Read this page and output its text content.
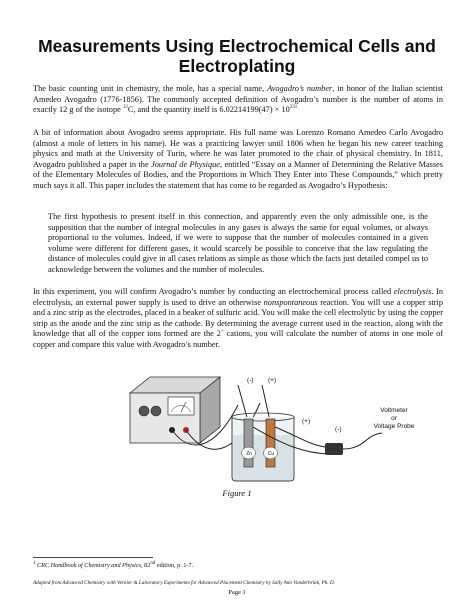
Measurements Using Electrochemical Cells and Electroplating

The basic counting unit in chemistry, the mole, has a special name, Avogadro’s number, in honor of the Italian scientist Amedeo Avogadro (1776-1856). The commonly accepted definition of Avogadro’s number is the number of atoms in exactly 12 g of the isotope $^{12}$C, and the quantity itself is $6.02214199(47) \times 10^{231}$

A bit of information about Avogadro seems appropriate. His full name was Lorenzo Romano Amedeo Carlo Avogadro (almost a mole of letters in his name). He was a practicing lawyer until 1806 when he began his new career teaching physics and math at the University of Turin, where he was later promoted to the chair of physical chemistry. In 1811, Avogadro published a paper in the Journal de Physique, entitled “Essay on a Manner of Determining the Relative Masses of the Elementary Molecules of Bodies, and the Proportions in Which They Enter into These Compounds,” which pretty much says it all. This paper includes the statement that has come to be regarded as Avogadro’s Hypothesis:

The first hypothesis to present itself in this connection, and apparently even the only admissible one, is the supposition that the number of integral molecules in any gases is always the same for equal volumes, or always proportional to the volumes. Indeed, if we were to suppose that the number of molecules contained in a given volume were different for different gases, it would scarcely be possible to conceive that the law regulating the distance of molecules could give in all cases relations as simple as those which the facts just detailed compel us to acknowledge between the volumes and the number of molecules.

In this experiment, you will confirm Avogadro’s number by conducting an electrochemical process called electrolysis. In electrolysis, an external power supply is used to drive an otherwise nonspontaneous reaction. You will use a copper strip and a zinc strip as the electrodes, placed in a beaker of sulfuric acid. You will make the cell electrolytic by using the copper strip as the anode and the zinc strip as the cathode. By determining the average current used in the reaction, along with the knowledge that all of the copper ions formed are the 2+ cations, you will calculate the number of atoms in one mole of copper and compare this value with Avogadro’s number.

(-) (+)
(+)
(-)
Voltmeter
or
Voltage Probe
Zn	Cu
Figure 1
$^1$ CRC Handbook of Chemistry and Physics, 82nd edition, p. 1-7.
Adapted from Advanced Chemistry with Vernier & Laboratory Experiments for Advanced Placement Chemistry by Sally Ann Vonderbrink, Ph. D.
Page 1
